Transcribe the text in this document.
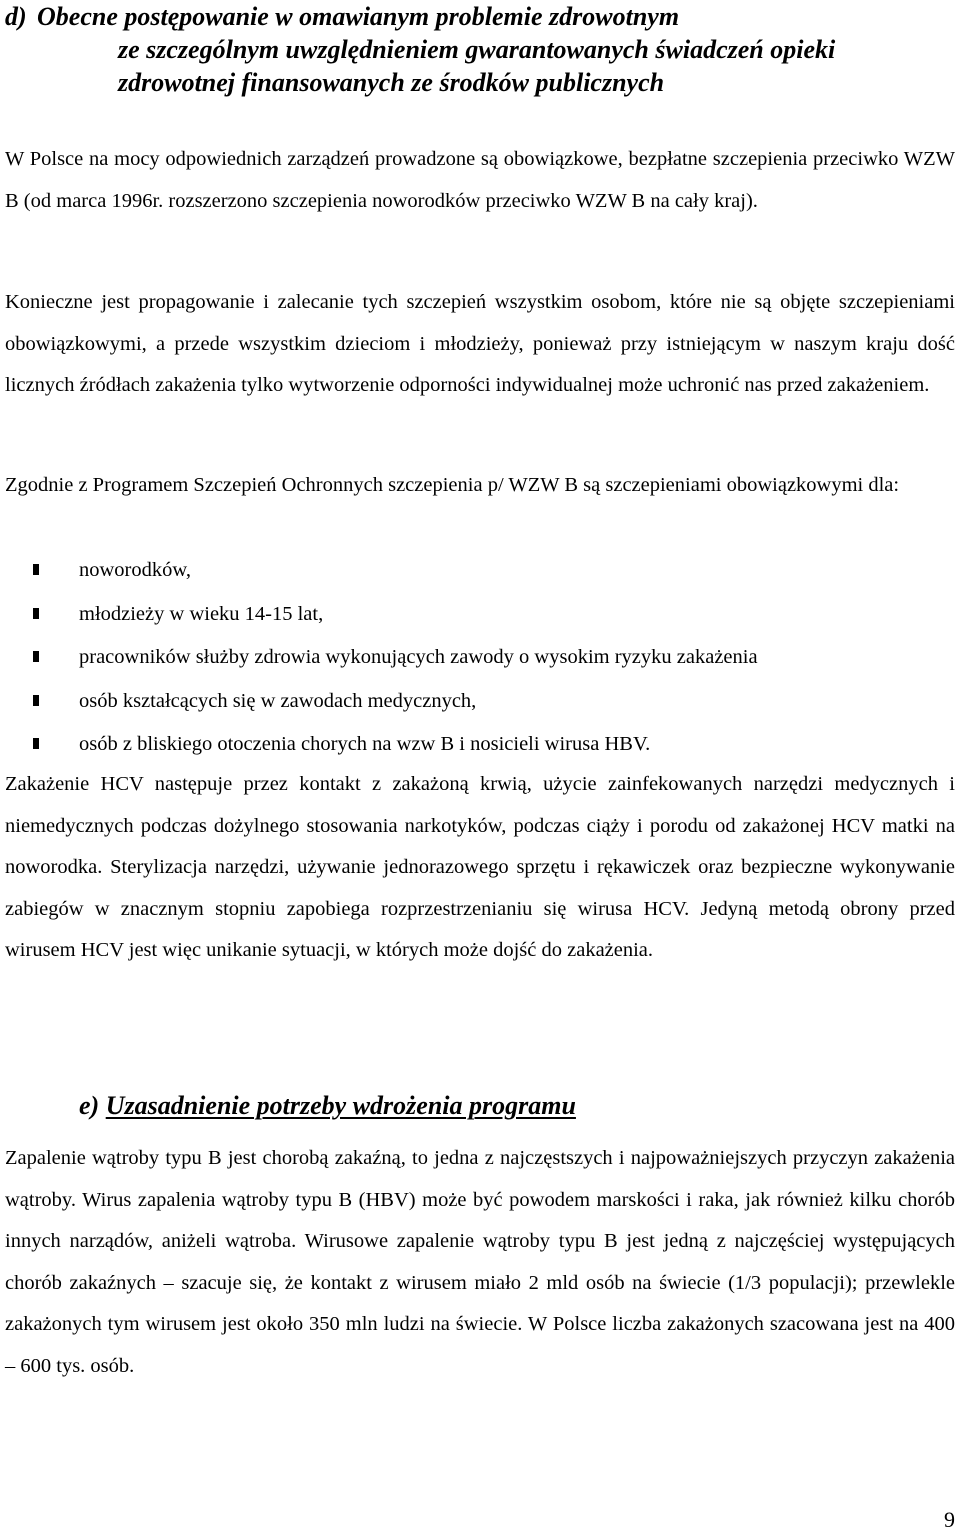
d) Obecne postępowanie w omawianym problemie zdrowotnym
ze szczególnym uwzględnieniem gwarantowanych świadczeń opieki
zdrowotnej finansowanych ze środków publicznych

W Polsce na mocy odpowiednich zarządzeń prowadzone są obowiązkowe, bezpłatne szczepienia przeciwko WZW B (od marca 1996r. rozszerzono szczepienia noworodków przeciwko WZW B na cały kraj).

Konieczne jest propagowanie i zalecanie tych szczepień wszystkim osobom, które nie są objęte szczepieniami obowiązkowymi, a przede wszystkim dzieciom i młodzieży, ponieważ przy istniejącym w naszym kraju dość licznych źródłach zakażenia tylko wytworzenie odporności indywidualnej może uchronić nas przed zakażeniem.

Zgodnie z Programem Szczepień Ochronnych szczepienia p/ WZW B są szczepieniami obowiązkowymi dla:

noworodków,
młodzieży w wieku 14-15 lat,
pracowników służby zdrowia wykonujących zawody o wysokim ryzyku zakażenia
osób kształcących się w zawodach medycznych,
osób z bliskiego otoczenia chorych na wzw B i nosicieli wirusa HBV.

Zakażenie HCV następuje przez kontakt z zakażoną krwią, użycie zainfekowanych narzędzi medycznych i niemedycznych podczas dożylnego stosowania narkotyków, podczas ciąży i porodu od zakażonej HCV matki na noworodka. Sterylizacja narzędzi, używanie jednorazowego sprzętu i rękawiczek oraz bezpieczne wykonywanie zabiegów w znacznym stopniu zapobiega rozprzestrzenianiu się wirusa HCV. Jedyną metodą obrony przed wirusem HCV jest więc unikanie sytuacji, w których może dojść do zakażenia.

e) Uzasadnienie potrzeby wdrożenia programu

Zapalenie wątroby typu B jest chorobą zakaźną, to jedna z najczęstszych i najpoważniejszych przyczyn zakażenia wątroby. Wirus zapalenia wątroby typu B (HBV) może być powodem marskości i raka, jak również kilku chorób innych narządów, aniżeli wątroba. Wirusowe zapalenie wątroby typu B jest jedną z najczęściej występujących chorób zakaźnych – szacuje się, że kontakt z wirusem miało 2 mld osób na świecie (1/3 populacji); przewlekle zakażonych tym wirusem jest około 350 mln ludzi na świecie. W Polsce liczba zakażonych szacowana jest na 400 – 600 tys. osób.

9
